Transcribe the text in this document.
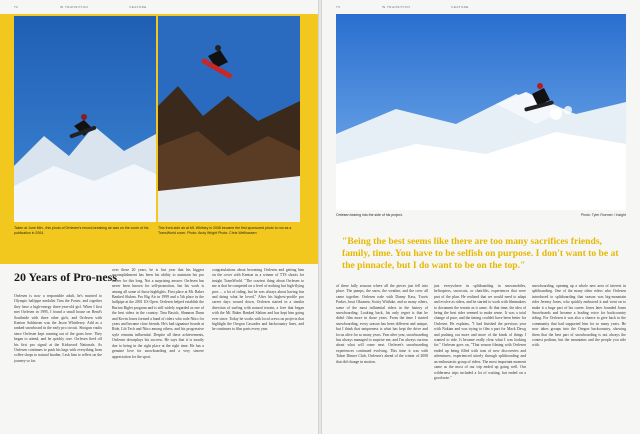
72	IN TRANSITION	FEATURE
Taken at June Mtn., this photo of Orrlesen's record-breaking air was on the cover of his publication in 2004.
This front-side air at Mt. Whitney in 2008 became the first sponsored photo to run as a TransWorld cover. Photo: Andy Wright Photo: Chris Wellhausen
20 Years of Pro-ness
Orrlesen is now a responsible adult, he's married to Olympic halfpipe medalist Tina the Foster, and together they have a high-energy three-year-old girl. When I first met Orrlesen in 1995, I found a small house on Bend's Southside with three other girls, and Orrlesen with Kenton Sahlstrom was the Jason Whittlesey. Add as a ranked snowboard in the early pro circuit. Shotgun vaults since Orrlesen kept running out of the grass here. They began to attend, and he quickly rose. Orrlesen fired off his first pro signal at the Kirkwood Nationals. As Orrlesen continues to push his hags with everything from coffee shops to natural burden, I ask him to reflect on the journey so far.
over these 20 years, he is lost year that his biggest accomplishment has been his ability to maintain his pro career for this long. Not a surprising answer. Orrlesen has never been known for self-promotion, but his work is among all some of those highlights. First place at Mt. Baker Banked Slalom. Pro Big Air in 1999 and a 5th place in the halfpipe at the 2001 US Open. Orrlesen helped establish the Burton Riglet program and is still widely regarded as one of the best riders in the country. Tina Basich, Shannon Dunn and Kevin Jones formed a band of riders who rode Nitro for years and became close friends. He's had signature boards at Ride, Lib Tech and Nitro among others, and his progressive style remains influential. Despite all these achievements, Orrlesen downplays his success. He says that it is mostly due to being in the right place at the right time. He has a genuine love for snowboarding and a very sincere appreciation for the sport.
congratulations about becoming Orrlesen and getting him on the cover with Kenton as a winner of TTS shoots for insight TransWorld. "The craziest thing about Orrlesen to me is that he competed on a level of nothing but high-flying pros ... a lot of riding, but he was always about having fun and doing what he loved." After his highest-profile pro career days wound down, Orrlesen started in a similar direction of surfing with natural terrain, a love that began with the Mt. Baker Banked Slalom and has kept him going ever since. Today he works with local crews on projects that highlight the Oregon Cascades and backcountry lines, and he continues to film parts every year.
73	IN TRANSITION	FEATURE
Orrlesen tearing into the side of his project.	Photo: Tyler Roemer / Insight
"Being the best seems like there are too many sacrifices friends, family, time. You have to be selfish on purpose. I don't want to be at the pinnacle, but I do want to be on the top."
of these fully seasons where all the pieces just fell into place. The pumps, the snow, the weather, and the crew all came together. Orrlesen rode with Danny Kass, Travis Parker, Jussi Oksanen, Scotty Wittlake, and so many others, some of the most influential riders in the history of snowboarding. Looking back, his only regret is that he didn't film more in those years. From the time I started snowboarding, every season has been different and unique, but I think that uniqueness is what has kept the drive and focus alive for so many years. Year after year, snowboarding has always managed to surprise me, and I'm always curious about what will come next. Orrlesen's snowboarding experiences continued evolving. This time it was with Tahoe Dinner Club, Orrlesen's ahead of the winter of 2008 that did change in motion.
just everywhere in splitboarding in snowmobiles, helicopters, snowcats, or chairlifts, experiences that were part of the plan. He realized that we would need to adapt and evolve as riders, and he started to work with filmmakers to document the terrain as it came. At that time, the idea of being the best rider seemed to make sense. It was a total change of pace, and the timing couldn't have been better for Orrlesen. He explains, "I had finished the previous year with Nokian and was trying to film a part for Mack Dawg and pushing out more and more of the kinds of things I wanted to ride. It became really clear what I was looking for." Orrlesen goes on, "That season filming with Orrlesen ended up being filled with tons of new discoveries and adventures, experienced utterly through splitboarding and an enthusiastic group of riders. The most important moment came as the most of our trip ended up going well. Our wilderness trips included a lot of waiting, but ended on a good note."
snowboarding, opening up a whole new area of interest in splitboarding. One of the many other riders who Orrlesen introduced to splitboarding that season was big-mountain rider Jeremy Jones, who quickly embraced it and went on to make it a huge part of his career. Jones later founded Jones Snowboards and became a leading voice for backcountry riding. For Orrlesen it was also a chance to give back to the community that had supported him for so many years. He now takes groups into the Oregon backcountry, showing them that the best part of snowboarding is not always the contest podium, but the mountains and the people you ride with.
